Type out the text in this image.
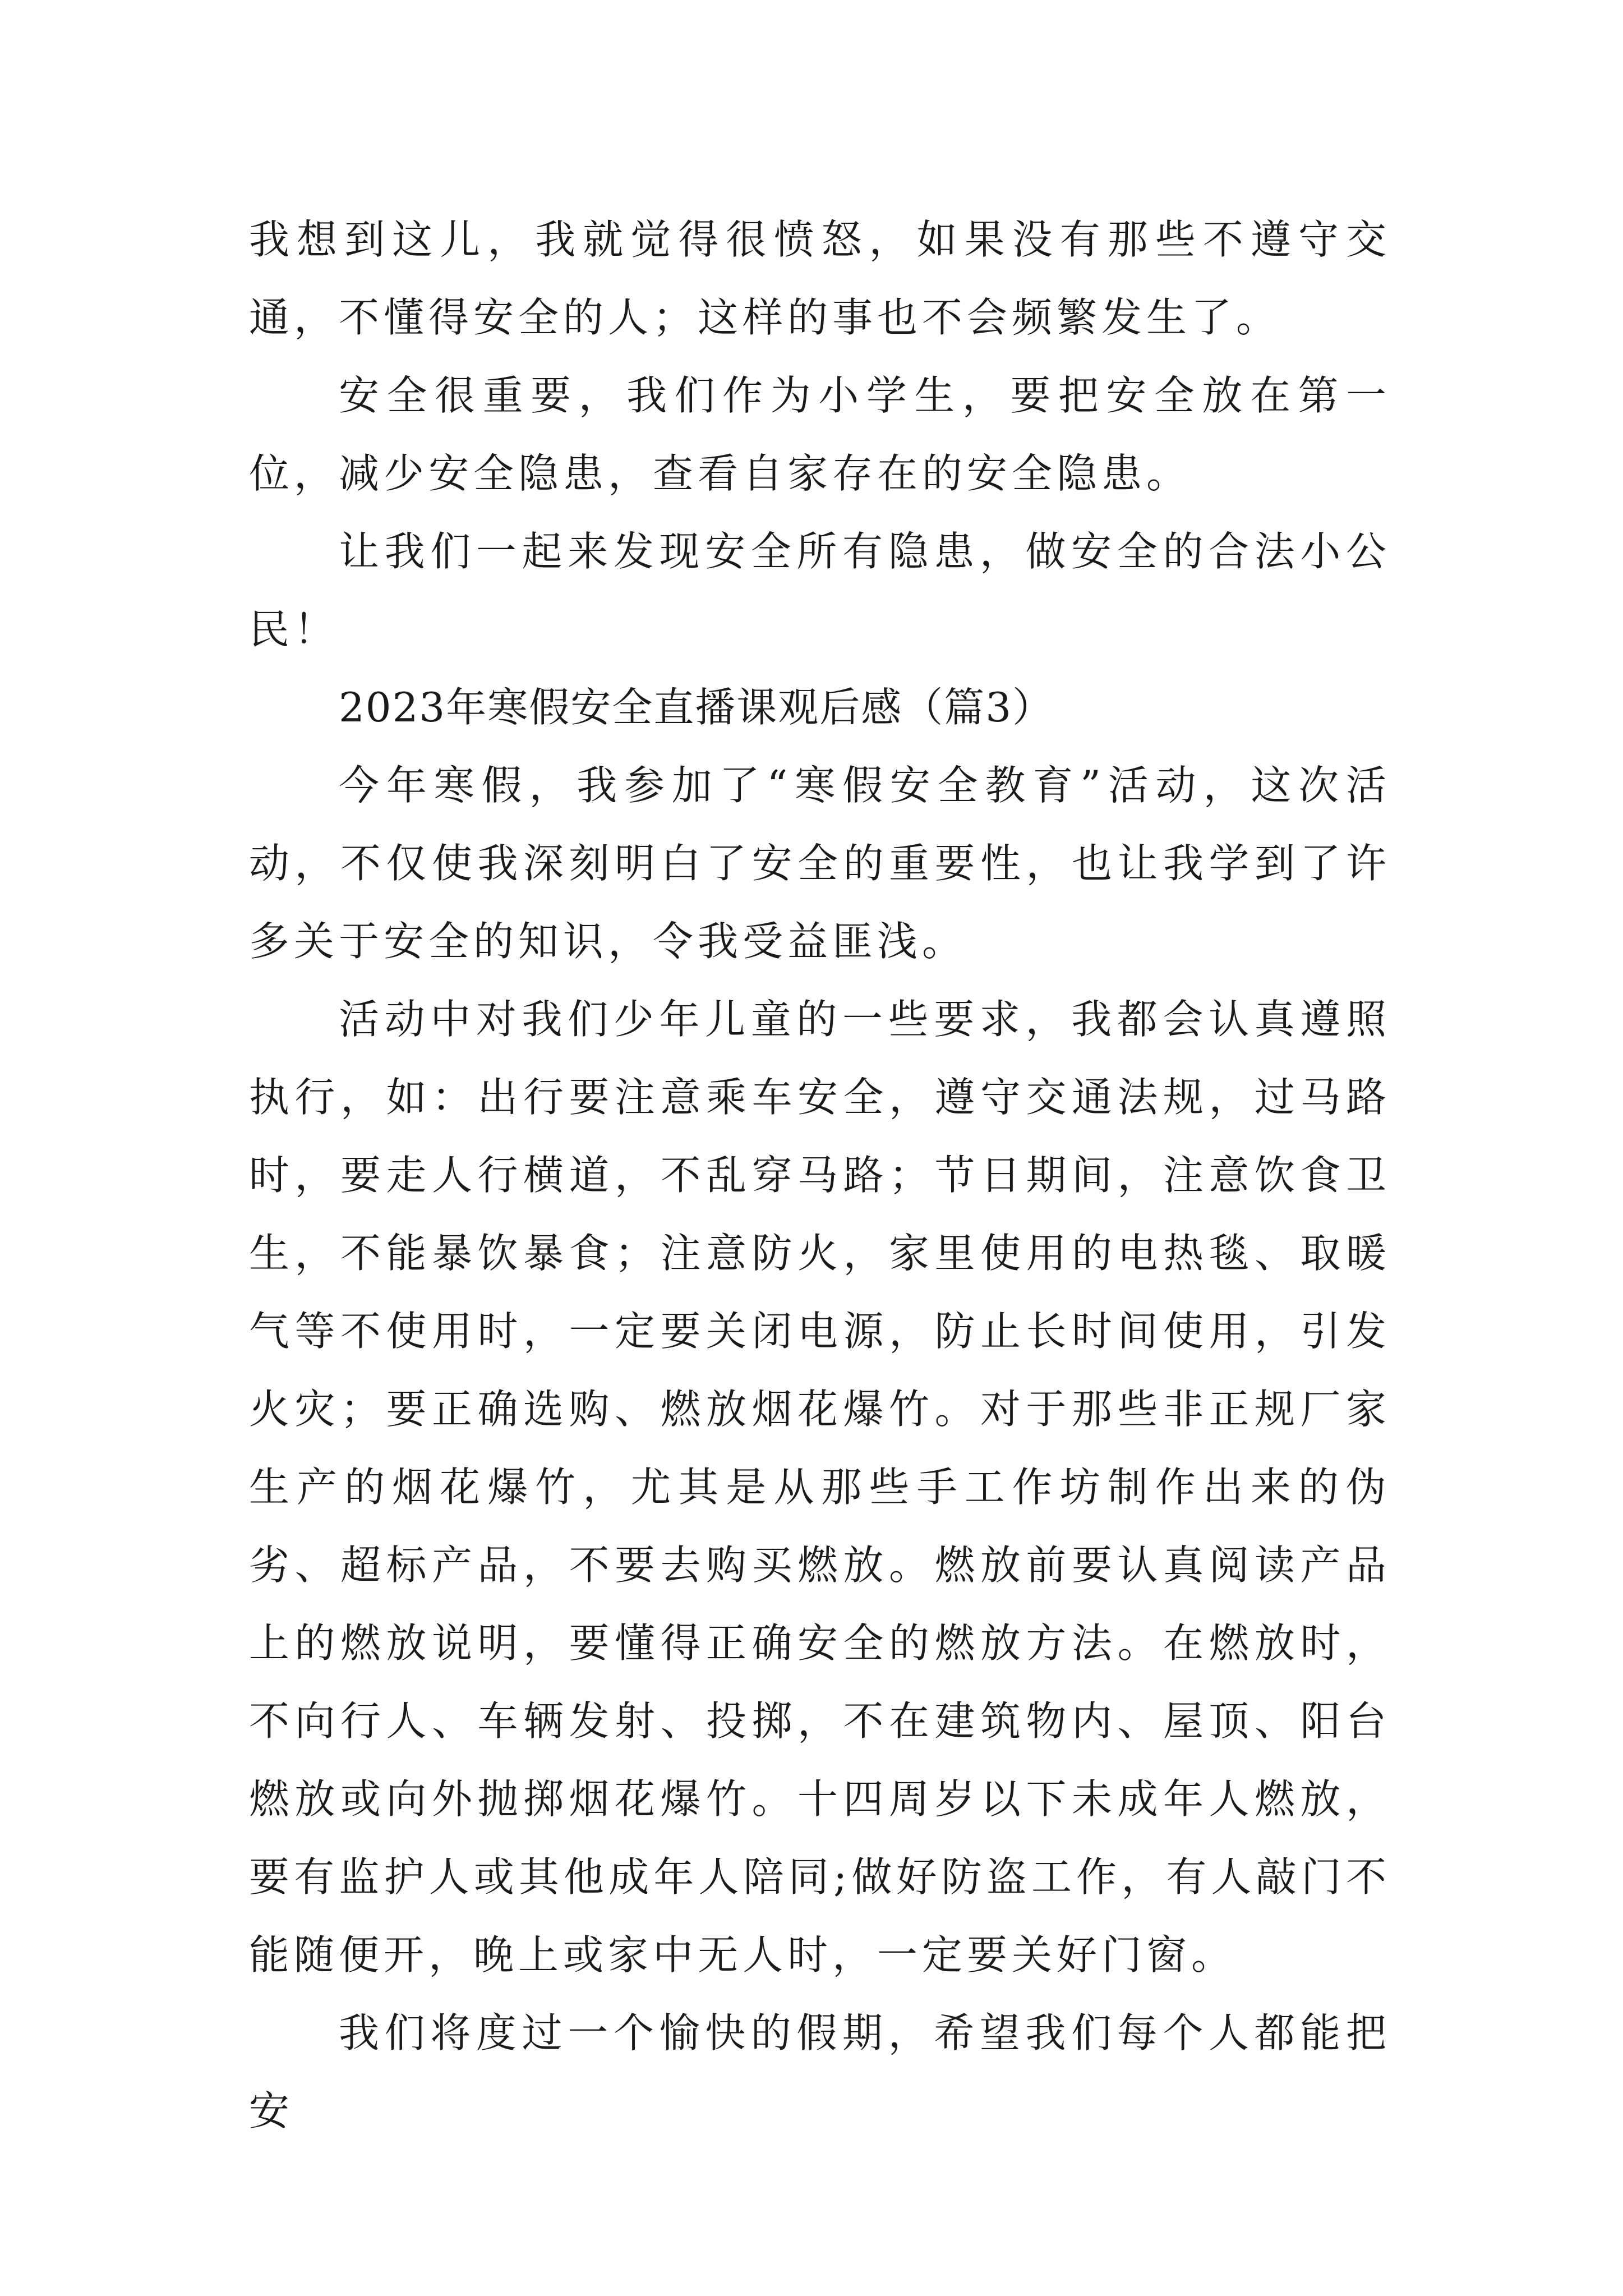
我想到这儿，我就觉得很愤怒，如果没有那些不遵守交通，不懂得安全的人；这样的事也不会频繁发生了。

安全很重要，我们作为小学生，要把安全放在第一位，减少安全隐患，查看自家存在的安全隐患。

让我们一起来发现安全所有隐患，做安全的合法小公民！

2023年寒假安全直播课观后感（篇3）

今年寒假，我参加了“寒假安全教育”活动，这次活动，不仅使我深刻明白了安全的重要性，也让我学到了许多关于安全的知识，令我受益匪浅。

活动中对我们少年儿童的一些要求，我都会认真遵照执行，如：出行要注意乘车安全，遵守交通法规，过马路时，要走人行横道，不乱穿马路；节日期间，注意饮食卫生，不能暴饮暴食；注意防火，家里使用的电热毯、取暖气等不使用时，一定要关闭电源，防止长时间使用，引发火灾；要正确选购、燃放烟花爆竹。对于那些非正规厂家生产的烟花爆竹，尤其是从那些手工作坊制作出来的伪劣、超标产品，不要去购买燃放。燃放前要认真阅读产品上的燃放说明，要懂得正确安全的燃放方法。在燃放时，不向行人、车辆发射、投掷，不在建筑物内、屋顶、阳台燃放或向外抛掷烟花爆竹。十四周岁以下未成年人燃放，要有监护人或其他成年人陪同;做好防盗工作，有人敲门不能随便开，晚上或家中无人时，一定要关好门窗。

我们将度过一个愉快的假期，希望我们每个人都能把安
